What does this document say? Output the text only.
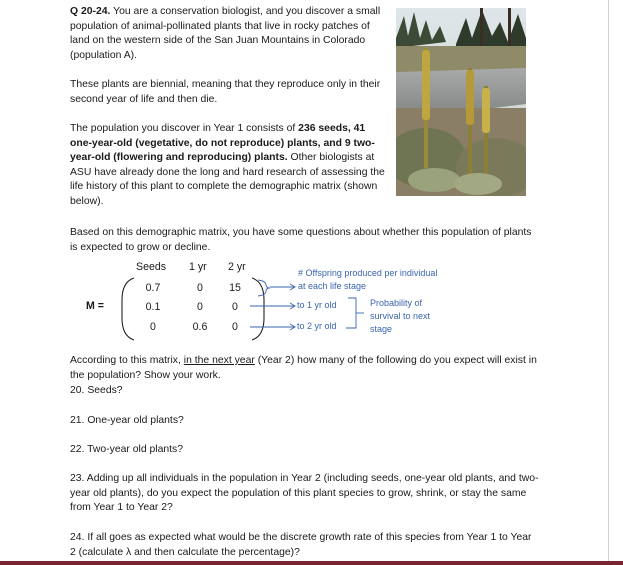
Q 20-24. You are a conservation biologist, and you discover a small population of animal-pollinated plants that live in rocky patches of land on the western side of the San Juan Mountains in Colorado (population A).

These plants are biennial, meaning that they reproduce only in their second year of life and then die.

The population you discover in Year 1 consists of 236 seeds, 41 one-year-old (vegetative, do not reproduce) plants, and 9 two-year-old (flowering and reproducing) plants. Other biologists at ASU have already done the long and hard research of assessing the life history of this plant to complete the demographic matrix (shown below).

Based on this demographic matrix, you have some questions about whether this population of plants is expected to grow or decline.

Seeds 1 yr 2 yr
M =
0.7	0	15
0.1	0	0
0	0.6	0
# Offspring produced per individual
at each life stage
to 1 yr old
to 2 yr old
Probability of
survival to next
stage

According to this matrix, in the next year (Year 2) how many of the following do you expect will exist in the population? Show your work.

20. Seeds?

21. One-year old plants?

22. Two-year old plants?

23. Adding up all individuals in the population in Year 2 (including seeds, one-year old plants, and two-year old plants), do you expect the population of this plant species to grow, shrink, or stay the same from Year 1 to Year 2?

24. If all goes as expected what would be the discrete growth rate of this species from Year 1 to Year 2 (calculate λ and then calculate the percentage)?
